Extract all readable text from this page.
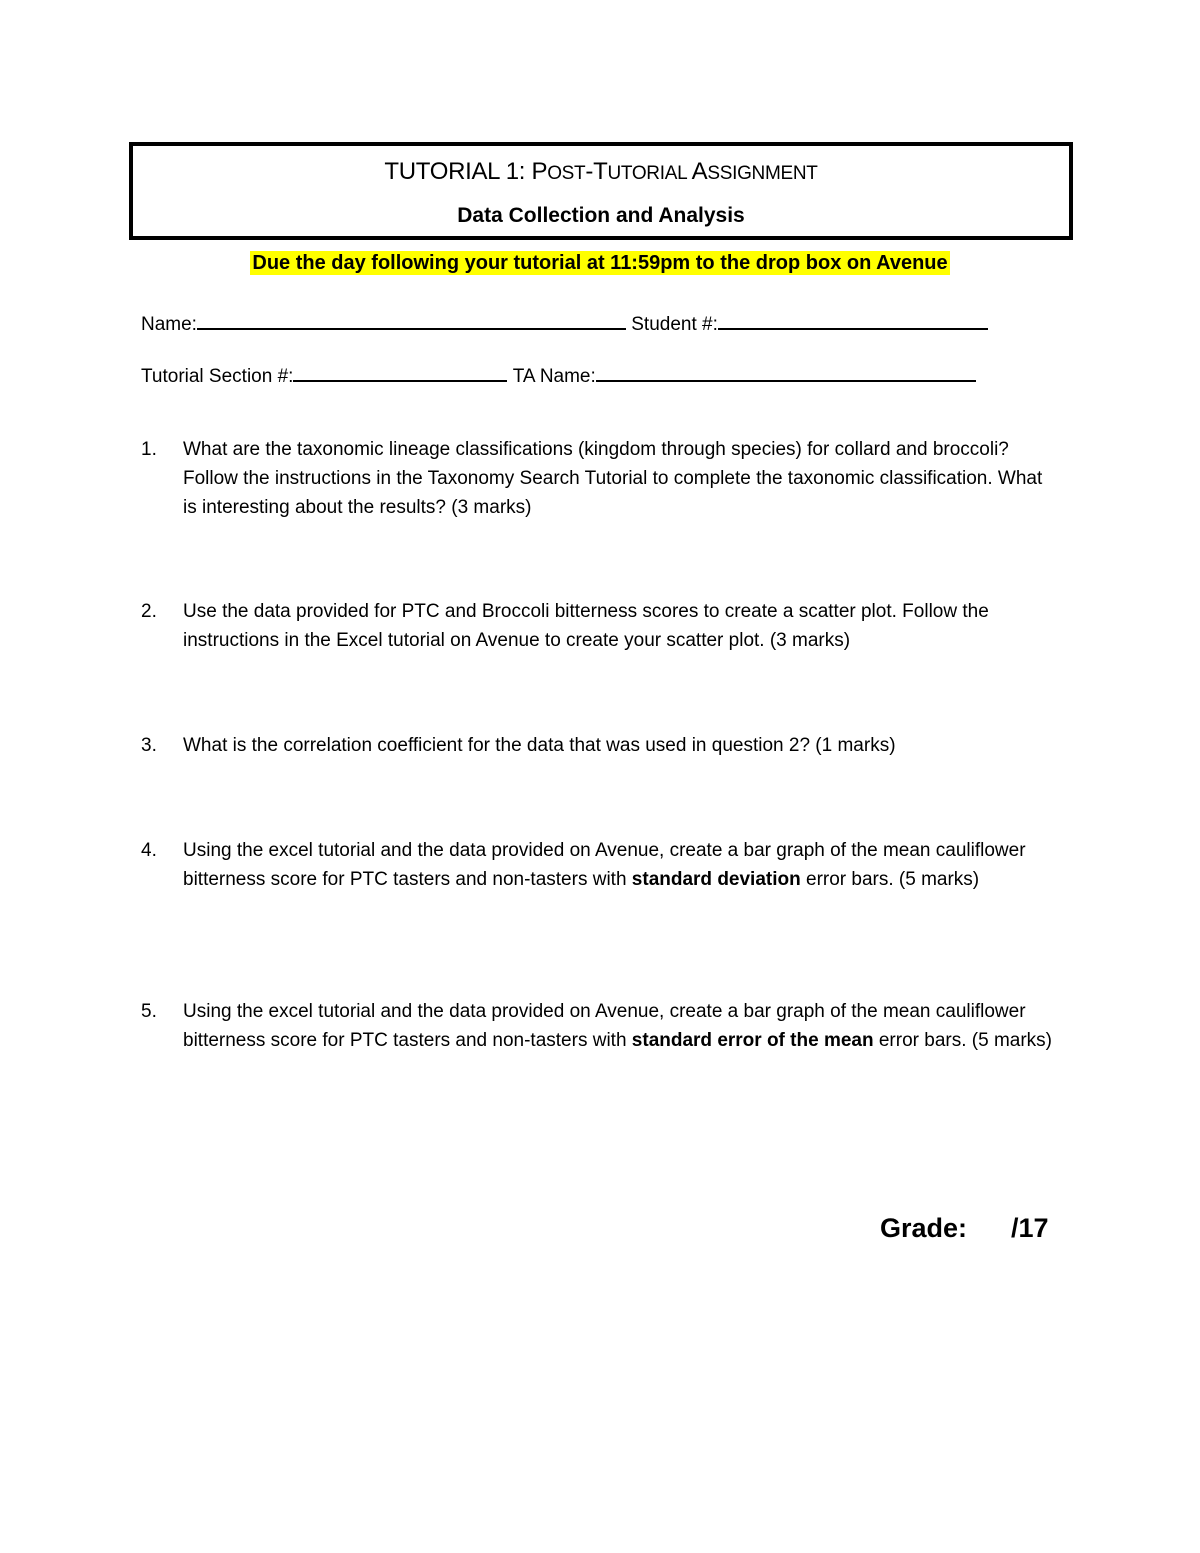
TUTORIAL 1: POST-TUTORIAL ASSIGNMENT
Data Collection and Analysis
Due the day following your tutorial at 11:59pm to the drop box on Avenue
Name:	Student #:
Tutorial Section #:	TA Name:
1.	What are the taxonomic lineage classifications (kingdom through species) for collard and broccoli? Follow the instructions in the Taxonomy Search Tutorial to complete the taxonomic classification. What is interesting about the results? (3 marks)
2.	Use the data provided for PTC and Broccoli bitterness scores to create a scatter plot. Follow the instructions in the Excel tutorial on Avenue to create your scatter plot. (3 marks)
3.	What is the correlation coefficient for the data that was used in question 2? (1 marks)
4.	Using the excel tutorial and the data provided on Avenue, create a bar graph of the mean cauliflower bitterness score for PTC tasters and non-tasters with standard deviation error bars. (5 marks)
5.	Using the excel tutorial and the data provided on Avenue, create a bar graph of the mean cauliflower bitterness score for PTC tasters and non-tasters with standard error of the mean error bars. (5 marks)
Grade: /17
